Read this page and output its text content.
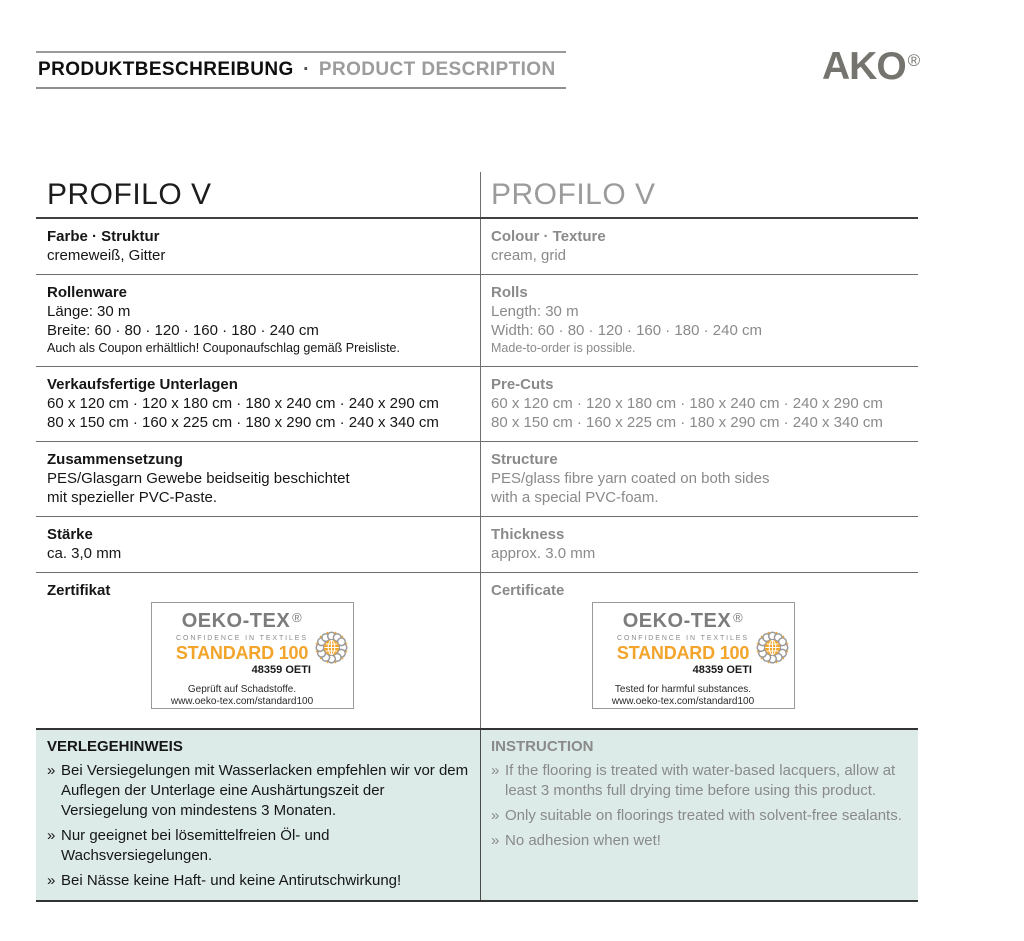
PRODUKTBESCHREIBUNG · PRODUCT DESCRIPTION	AKO ®
PROFILO V	PROFILO V
Farbe · Struktur
cremeweiß, Gitter
Colour · Texture
cream, grid
Rollenware
Länge: 30 m
Breite: 60 · 80 · 120 · 160 · 180 · 240 cm
Auch als Coupon erhältlich! Couponaufschlag gemäß Preisliste.
Rolls
Length: 30 m
Width: 60 · 80 · 120 · 160 · 180 · 240 cm
Made-to-order is possible.
Verkaufsfertige Unterlagen
60 x 120 cm · 120 x 180 cm · 180 x 240 cm · 240 x 290 cm
80 x 150 cm · 160 x 225 cm · 180 x 290 cm · 240 x 340 cm
Pre-Cuts
60 x 120 cm · 120 x 180 cm · 180 x 240 cm · 240 x 290 cm
80 x 150 cm · 160 x 225 cm · 180 x 290 cm · 240 x 340 cm
Zusammensetzung
PES/Glasgarn Gewebe beidseitig beschichtet
mit spezieller PVC-Paste.
Structure
PES/glass fibre yarn coated on both sides
with a special PVC-foam.
Stärke
ca. 3,0 mm
Thickness
approx. 3.0 mm
Zertifikat
OEKO-TEX ®
CONFIDENCE IN TEXTILES
STANDARD 100
48359 OETI
Geprüft auf Schadstoffe.
www.oeko-tex.com/standard100
Certificate
OEKO-TEX ®
CONFIDENCE IN TEXTILES
STANDARD 100
48359 OETI
Tested for harmful substances.
www.oeko-tex.com/standard100
VERLEGEHINWEIS
» Bei Versiegelungen mit Wasserlacken empfehlen wir vor dem Auflegen der Unterlage eine Aushärtungszeit der Versiegelung von mindestens 3 Monaten.
» Nur geeignet bei lösemittelfreien Öl- und Wachsversiegelungen.
» Bei Nässe keine Haft- und keine Antirutschwirkung!
INSTRUCTION
» If the flooring is treated with water-based lacquers, allow at least 3 months full drying time before using this product.
» Only suitable on floorings treated with solvent-free sealants.
» No adhesion when wet!
